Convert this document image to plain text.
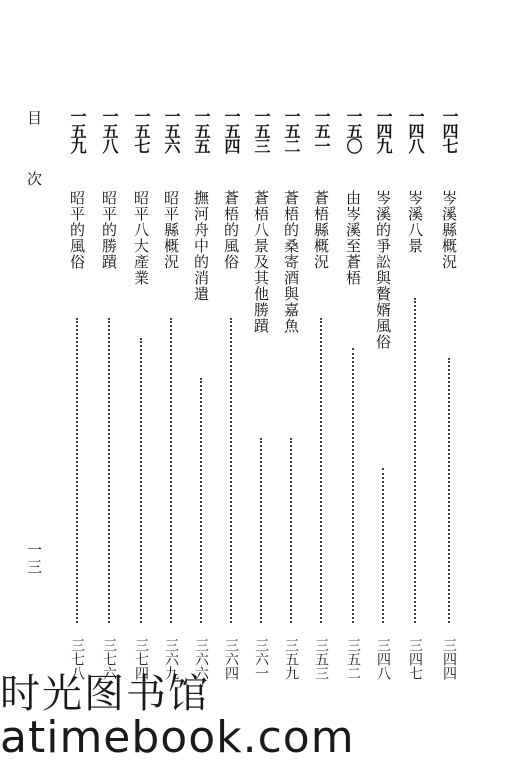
目 次
一三
一四七
岑溪縣概況
三四四
一四八
岑溪八景
三四七
一四九
岑溪的爭訟與贅婿風俗
三四八
一五〇
由岑溪至蒼梧
三五二
一五一
蒼梧縣概況
三五三
一五二
蒼梧的桑寄酒與嘉魚
三五九
一五三
蒼梧八景及其他勝蹟
三六一
一五四
蒼梧的風俗
三六四
一五五
撫河舟中的消遣
三六六
一五六
昭平縣概況
三六九
一五七
昭平八大產業
三七四
一五八
昭平的勝蹟
三七六
一五九
昭平的風俗
三七八
时光图书馆
atimebook.com
